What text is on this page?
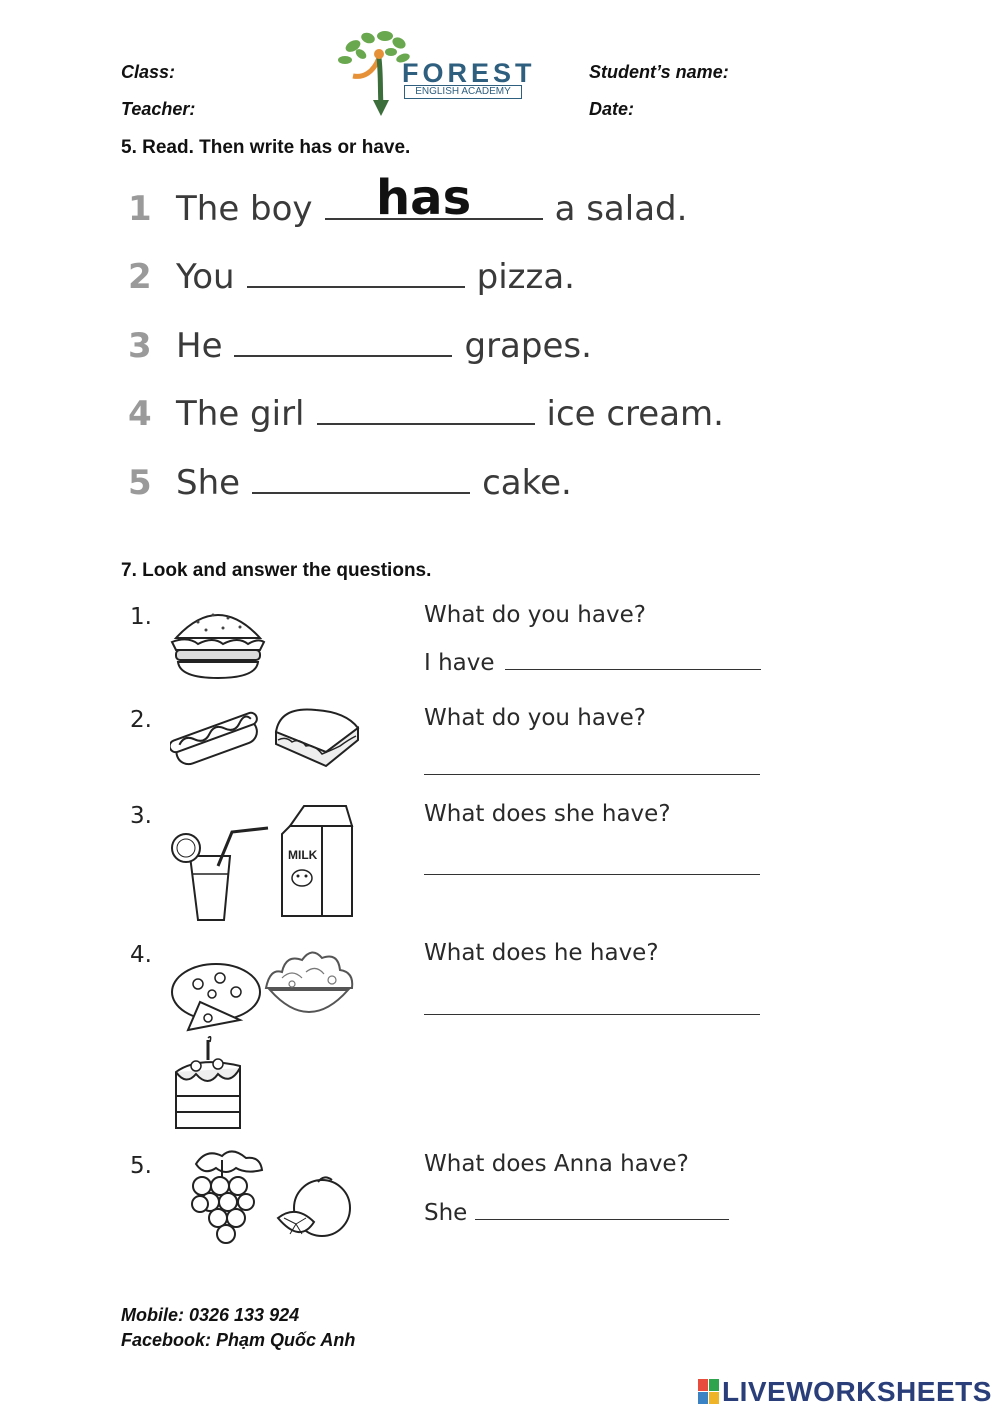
Class:
Teacher:
Student’s name:
Date:
FOREST
ENGLISH ACADEMY
5. Read. Then write has or have.
1 The boy	a salad.
has
2 You	pizza.
3 He	grapes.
4 The girl	ice cream.
5 She	cake.
7. Look and answer the questions.
1.	What do you have?
I have
2.	What do you have?
3.
MILK
What does she have?
4.	What does he have?
5.	What does Anna have?
She
Mobile: 0326 133 924
Facebook: Phạm Quốc Anh
LIVEWORKSHEETS
